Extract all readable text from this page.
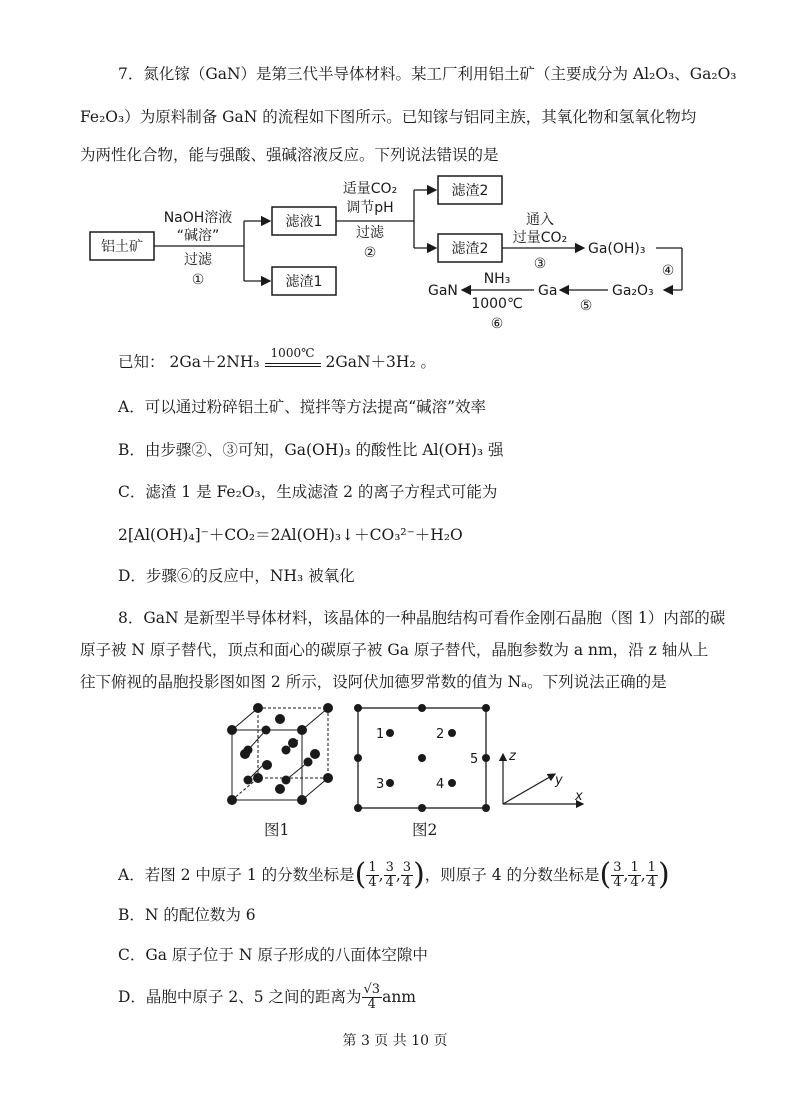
7．氮化镓（GaN）是第三代半导体材料。某工厂利用铝土矿（主要成分为 Al₂O₃、Ga₂O₃
Fe₂O₃）为原料制备 GaN 的流程如下图所示。已知镓与铝同主族，其氧化物和氢氧化物均
为两性化合物，能与强酸、强碱溶液反应。下列说法错误的是
铝土矿
NaOH溶液
“碱溶”
过滤
①
滤液1
滤渣1
适量CO₂
调节pH
过滤
②
滤渣2
滤渣2
通入
过量CO₂
③
Ga(OH)₃
④
Ga₂O₃
⑤
Ga
NH₃
1000℃
⑥
GaN
已知： 2Ga＋2NH₃ 1000℃ 2GaN＋3H₂ 。
A．可以通过粉碎铝土矿、搅拌等方法提高“碱溶”效率
B．由步骤②、③可知，Ga(OH)₃ 的酸性比 Al(OH)₃ 强
C．滤渣 1 是 Fe₂O₃，生成滤渣 2 的离子方程式可能为
2[Al(OH)₄]⁻＋CO₂＝2Al(OH)₃↓＋CO₃²⁻＋H₂O
D．步骤⑥的反应中，NH₃ 被氧化
8．GaN 是新型半导体材料，该晶体的一种晶胞结构可看作金刚石晶胞（图 1）内部的碳
原子被 N 原子替代，顶点和面心的碳原子被 Ga 原子替代，晶胞参数为 a nm，沿 z 轴从上
往下俯视的晶胞投影图如图 2 所示，设阿伏加德罗常数的值为 Nₐ。下列说法正确的是
图1
1	2
3	4
5
图2
z
y
x
A．若图 2 中原子 1 的分数坐标是 ( $\frac{1}{4}$ , $\frac{3}{4}$ , $\frac{3}{4}$ ) ，则原子 4 的分数坐标是 ( $\frac{3}{4}$ , $\frac{1}{4}$ , $\frac{1}{4}$ )
B．N 的配位数为 6
C．Ga 原子位于 N 原子形成的八面体空隙中
D．晶胞中原子 2、5 之间的距离为 $\frac{√3}{4}$ anm
第 3 页 共 10 页
